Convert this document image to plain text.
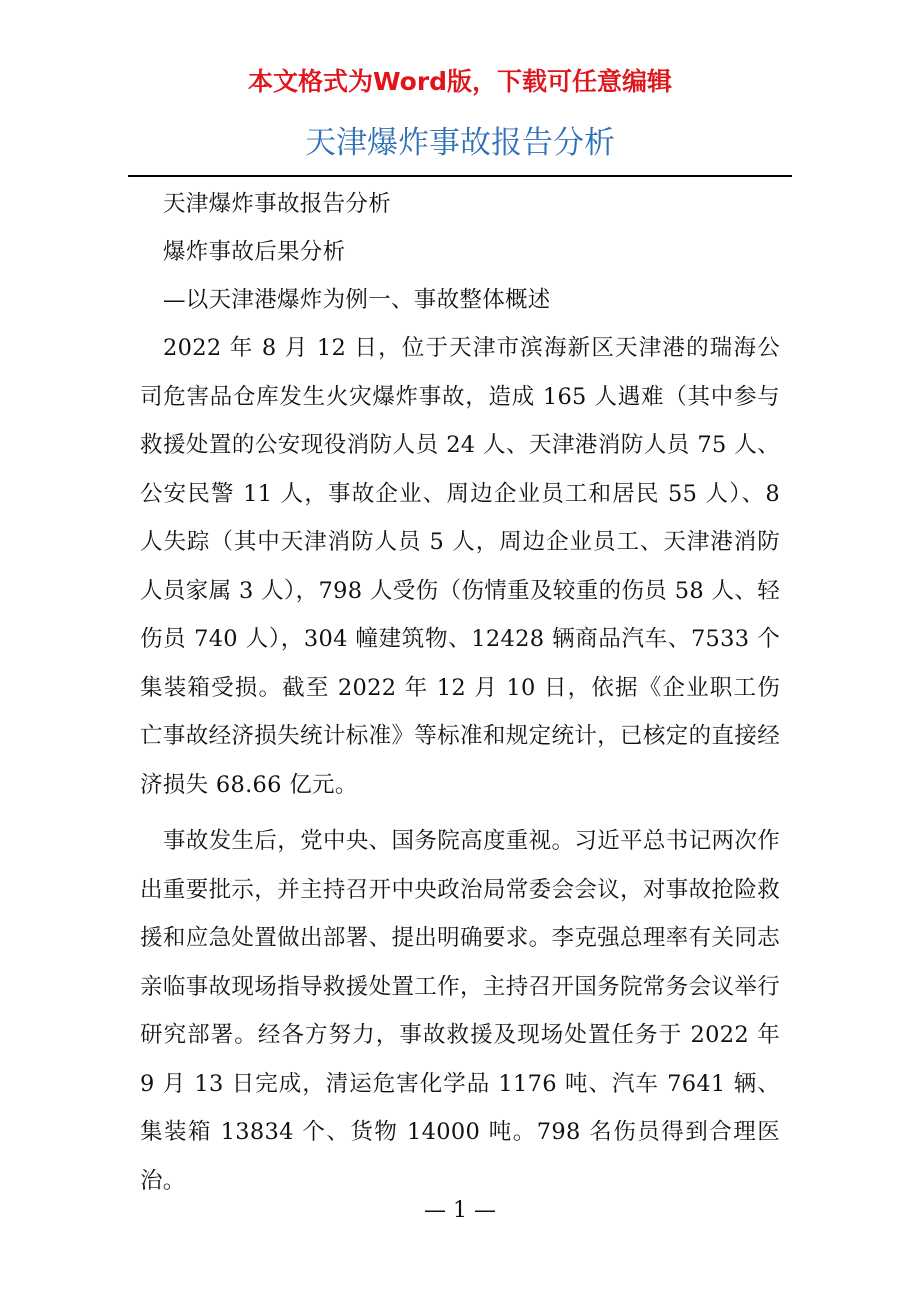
本文格式为Word版，下载可任意编辑
天津爆炸事故报告分析

天津爆炸事故报告分析

爆炸事故后果分析

—以天津港爆炸为例一、事故整体概述

2022 年 8 月 12 日，位于天津市滨海新区天津港的瑞海公司危害品仓库发生火灾爆炸事故，造成 165 人遇难（其中参与救援处置的公安现役消防人员 24 人、天津港消防人员 75 人、公安民警 11 人，事故企业、周边企业员工和居民 55 人）、8 人失踪（其中天津消防人员 5 人，周边企业员工、天津港消防人员家属 3 人），798 人受伤（伤情重及较重的伤员 58 人、轻伤员 740 人），304 幢建筑物、12428 辆商品汽车、7533 个集装箱受损。截至 2022 年 12 月 10 日，依据《企业职工伤亡事故经济损失统计标准》等标准和规定统计，已核定的直接经济损失 68.66 亿元。

事故发生后，党中央、国务院高度重视。习近平总书记两次作出重要批示，并主持召开中央政治局常委会会议，对事故抢险救援和应急处置做出部署、提出明确要求。李克强总理率有关同志亲临事故现场指导救援处置工作，主持召开国务院常务会议举行研究部署。经各方努力，事故救援及现场处置任务于 2022 年 9 月 13 日完成，清运危害化学品 1176 吨、汽车 7641 辆、集装箱 13834 个、货物 14000 吨。798 名伤员得到合理医治。

— 1 —
